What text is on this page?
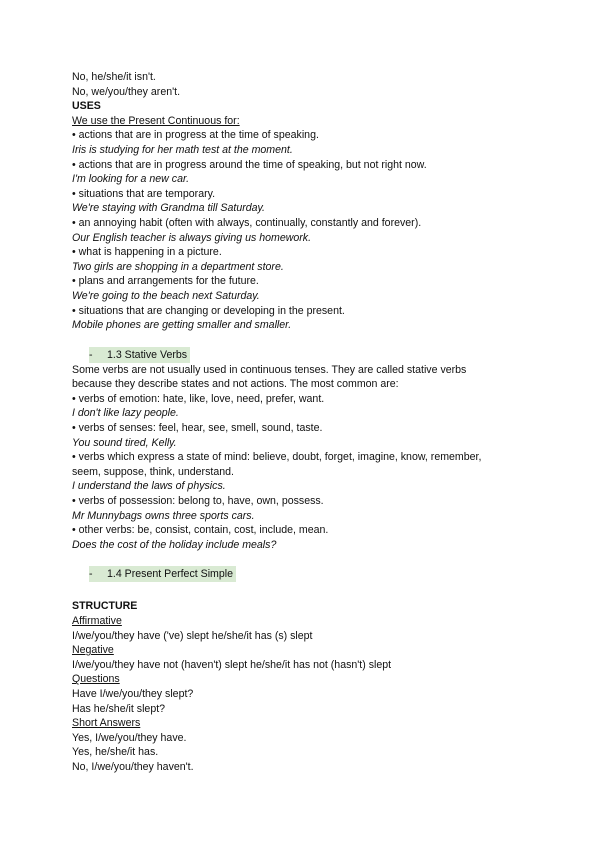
No, he/she/it isn't.
No, we/you/they aren't.
USES
We use the Present Continuous for:
• actions that are in progress at the time of speaking.
Iris is studying for her math test at the moment.
• actions that are in progress around the time of speaking, but not right now.
I'm looking for a new car.
• situations that are temporary.
We're staying with Grandma till Saturday.
• an annoying habit (often with always, continually, constantly and forever).
Our English teacher is always giving us homework.
• what is happening in a picture.
Two girls are shopping in a department store.
• plans and arrangements for the future.
We're going to the beach next Saturday.
• situations that are changing or developing in the present.
Mobile phones are getting smaller and smaller.
- 1.3 Stative Verbs
Some verbs are not usually used in continuous tenses. They are called stative verbs
because they describe states and not actions. The most common are:
• verbs of emotion: hate, like, love, need, prefer, want.
I don't like lazy people.
• verbs of senses: feel, hear, see, smell, sound, taste.
You sound tired, Kelly.
• verbs which express a state of mind: believe, doubt, forget, imagine, know, remember,
seem, suppose, think, understand.
I understand the laws of physics.
• verbs of possession: belong to, have, own, possess.
Mr Munnybags owns three sports cars.
• other verbs: be, consist, contain, cost, include, mean.
Does the cost of the holiday include meals?
- 1.4 Present Perfect Simple
STRUCTURE
Affirmative
I/we/you/they have ('ve) slept he/she/it has (s) slept
Negative
I/we/you/they have not (haven't) slept he/she/it has not (hasn't) slept
Questions
Have I/we/you/they slept?
Has he/she/it slept?
Short Answers
Yes, I/we/you/they have.
Yes, he/she/it has.
No, I/we/you/they haven't.
